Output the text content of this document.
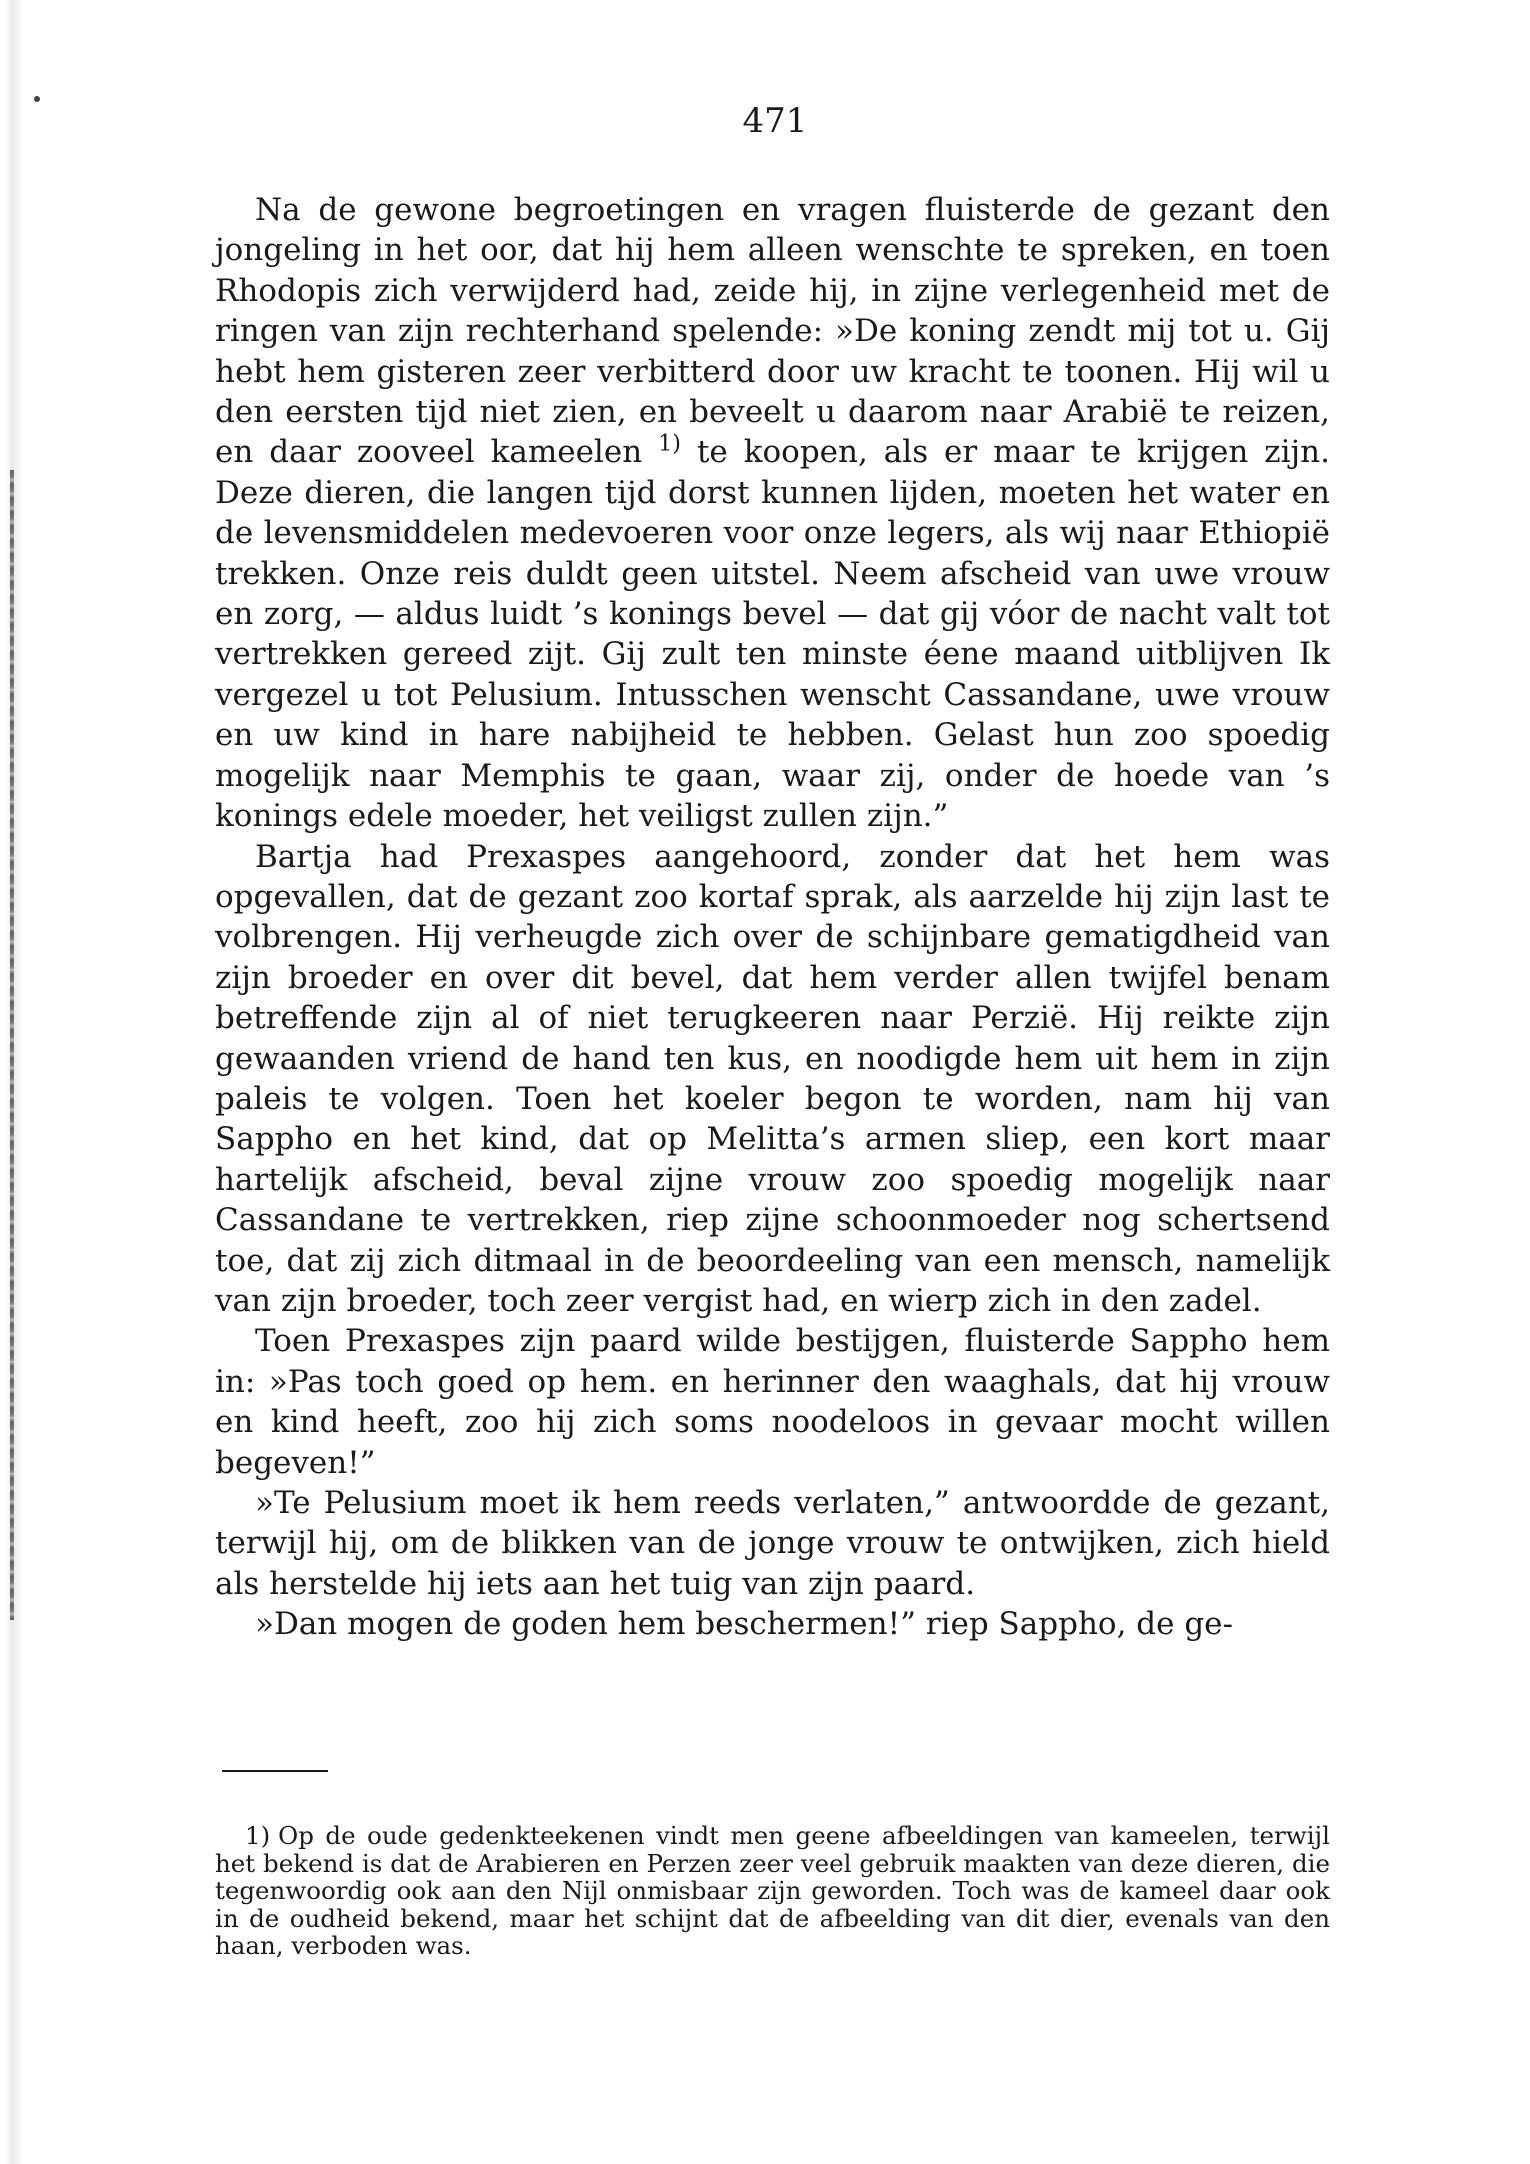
471

Na de gewone begroetingen en vragen fluisterde de gezant den jongeling in het oor, dat hij hem alleen wenschte te spreken, en toen Rhodopis zich verwijderd had, zeide hij, in zijne verlegenheid met de ringen van zijn rechterhand spelende: »De koning zendt mij tot u. Gij hebt hem gisteren zeer verbitterd door uw kracht te toonen. Hij wil u den eersten tijd niet zien, en beveelt u daarom naar Arabië te reizen, en daar zooveel kameelen $^{1)}$ te koopen, als er maar te krijgen zijn. Deze dieren, die langen tijd dorst kunnen lijden, moeten het water en de levensmiddelen medevoeren voor onze legers, als wij naar Ethiopië trekken. Onze reis duldt geen uitstel. Neem afscheid van uwe vrouw en zorg, — aldus luidt ’s konings bevel — dat gij vóor de nacht valt tot vertrekken gereed zijt. Gij zult ten minste éene maand uitblijven Ik vergezel u tot Pelusium. Intusschen wenscht Cassandane, uwe vrouw en uw kind in hare nabijheid te hebben. Gelast hun zoo spoedig mogelijk naar Memphis te gaan, waar zij, onder de hoede van ’s konings edele moeder, het veiligst zullen zijn.”

Bartja had Prexaspes aangehoord, zonder dat het hem was opgevallen, dat de gezant zoo kortaf sprak, als aarzelde hij zijn last te volbrengen. Hij verheugde zich over de schijnbare gematigdheid van zijn broeder en over dit bevel, dat hem verder allen twijfel benam betreffende zijn al of niet terugkeeren naar Perzië. Hij reikte zijn gewaanden vriend de hand ten kus, en noodigde hem uit hem in zijn paleis te volgen. Toen het koeler begon te worden, nam hij van Sappho en het kind, dat op Melitta’s armen sliep, een kort maar hartelijk afscheid, beval zijne vrouw zoo spoedig mogelijk naar Cassandane te vertrekken, riep zijne schoonmoeder nog schertsend toe, dat zij zich ditmaal in de beoordeeling van een mensch, namelijk van zijn broeder, toch zeer vergist had, en wierp zich in den zadel.

Toen Prexaspes zijn paard wilde bestijgen, fluisterde Sappho hem in: »Pas toch goed op hem. en herinner den waaghals, dat hij vrouw en kind heeft, zoo hij zich soms noodeloos in gevaar mocht willen begeven!”

»Te Pelusium moet ik hem reeds verlaten,” antwoordde de gezant, terwijl hij, om de blikken van de jonge vrouw te ontwijken, zich hield als herstelde hij iets aan het tuig van zijn paard.

»Dan mogen de goden hem beschermen!” riep Sappho, de ge-

1) Op de oude gedenkteekenen vindt men geene afbeeldingen van kameelen, terwijl het bekend is dat de Arabieren en Perzen zeer veel gebruik maakten van deze dieren, die tegenwoordig ook aan den Nijl onmisbaar zijn geworden. Toch was de kameel daar ook in de oudheid bekend, maar het schijnt dat de afbeelding van dit dier, evenals van den haan, verboden was.
